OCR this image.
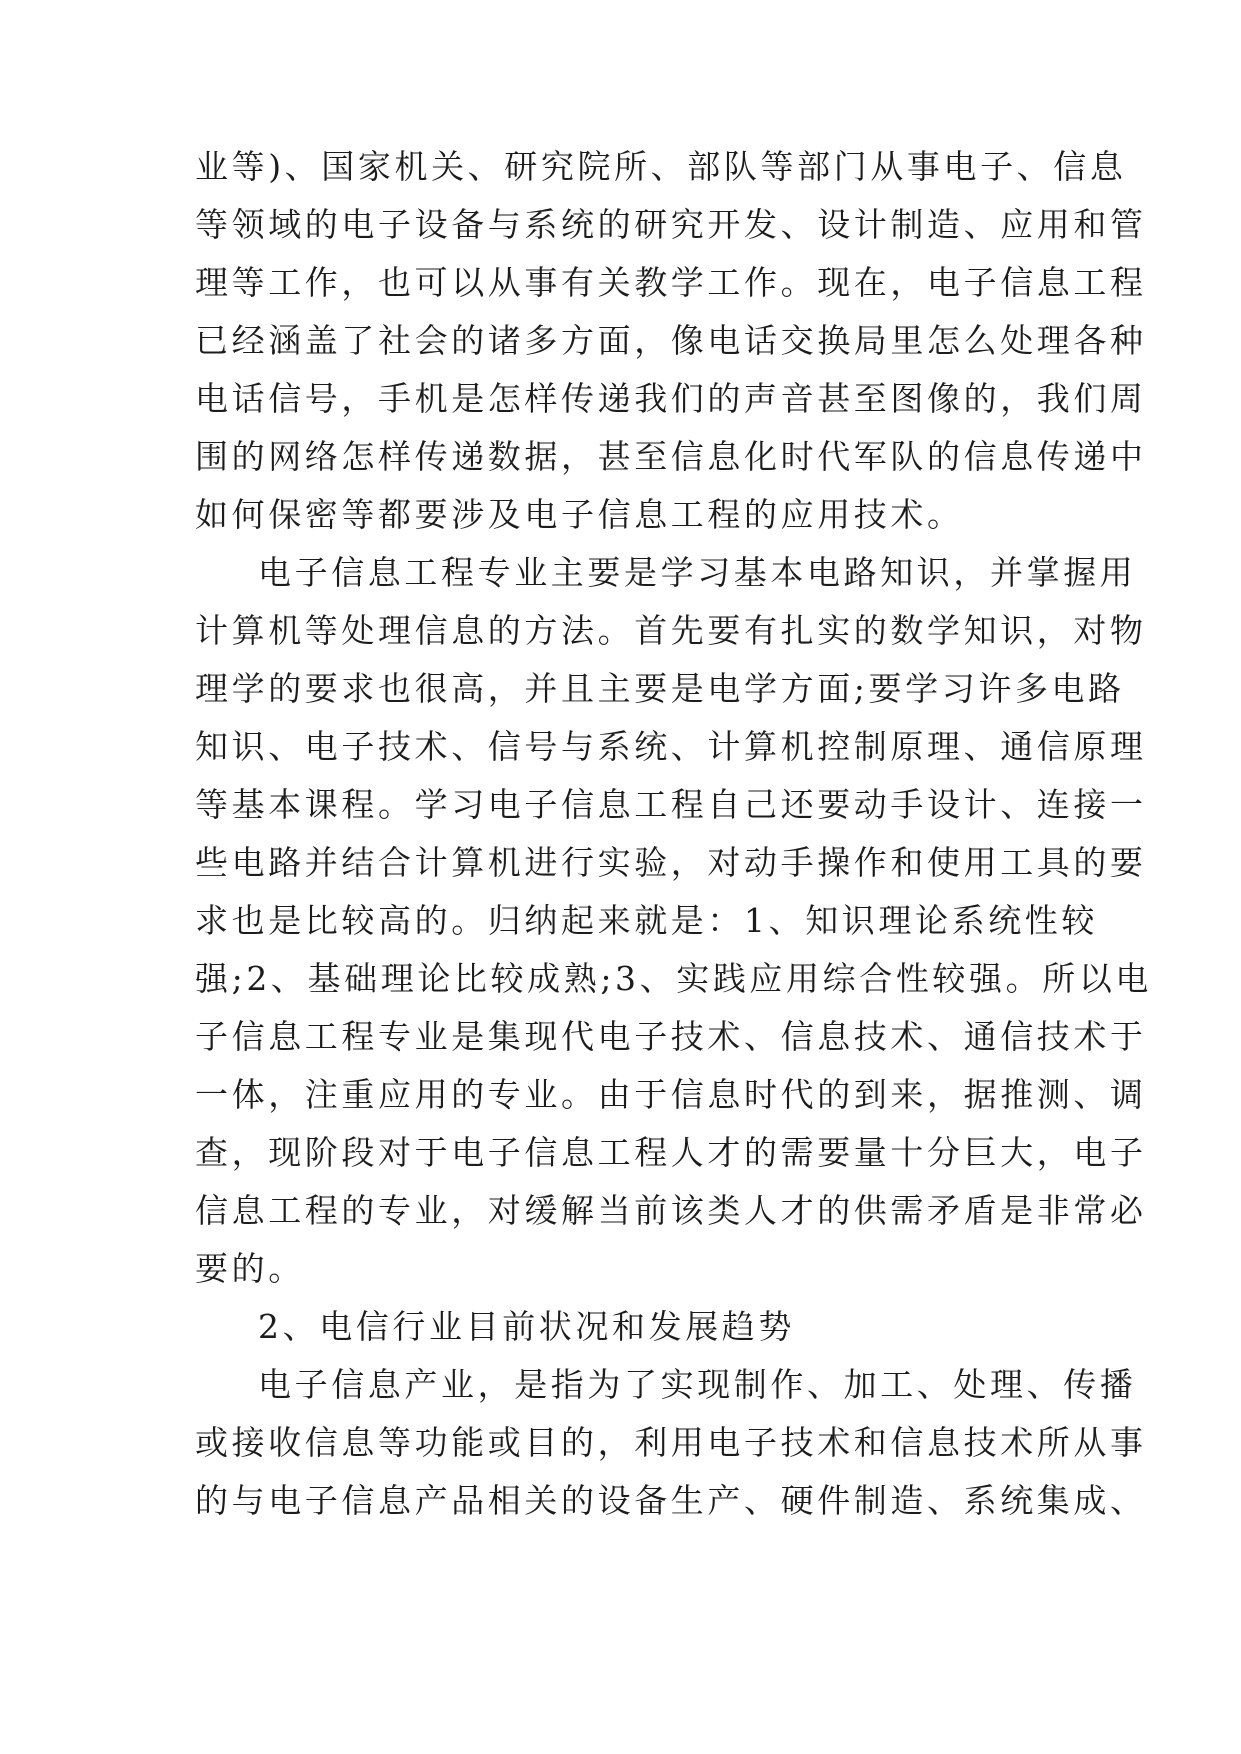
业等)、国家机关、研究院所、部队等部门从事电子、信息
等领域的电子设备与系统的研究开发、设计制造、应用和管
理等工作，也可以从事有关教学工作。现在，电子信息工程
已经涵盖了社会的诸多方面，像电话交换局里怎么处理各种
电话信号，手机是怎样传递我们的声音甚至图像的，我们周
围的网络怎样传递数据，甚至信息化时代军队的信息传递中
如何保密等都要涉及电子信息工程的应用技术。
电子信息工程专业主要是学习基本电路知识，并掌握用
计算机等处理信息的方法。首先要有扎实的数学知识，对物
理学的要求也很高，并且主要是电学方面;要学习许多电路
知识、电子技术、信号与系统、计算机控制原理、通信原理
等基本课程。学习电子信息工程自己还要动手设计、连接一
些电路并结合计算机进行实验，对动手操作和使用工具的要
求也是比较高的。归纳起来就是：1、知识理论系统性较
强;2、基础理论比较成熟;3、实践应用综合性较强。所以电
子信息工程专业是集现代电子技术、信息技术、通信技术于
一体，注重应用的专业。由于信息时代的到来，据推测、调
查，现阶段对于电子信息工程人才的需要量十分巨大，电子
信息工程的专业，对缓解当前该类人才的供需矛盾是非常必
要的。
2、电信行业目前状况和发展趋势
电子信息产业，是指为了实现制作、加工、处理、传播
或接收信息等功能或目的，利用电子技术和信息技术所从事
的与电子信息产品相关的设备生产、硬件制造、系统集成、
